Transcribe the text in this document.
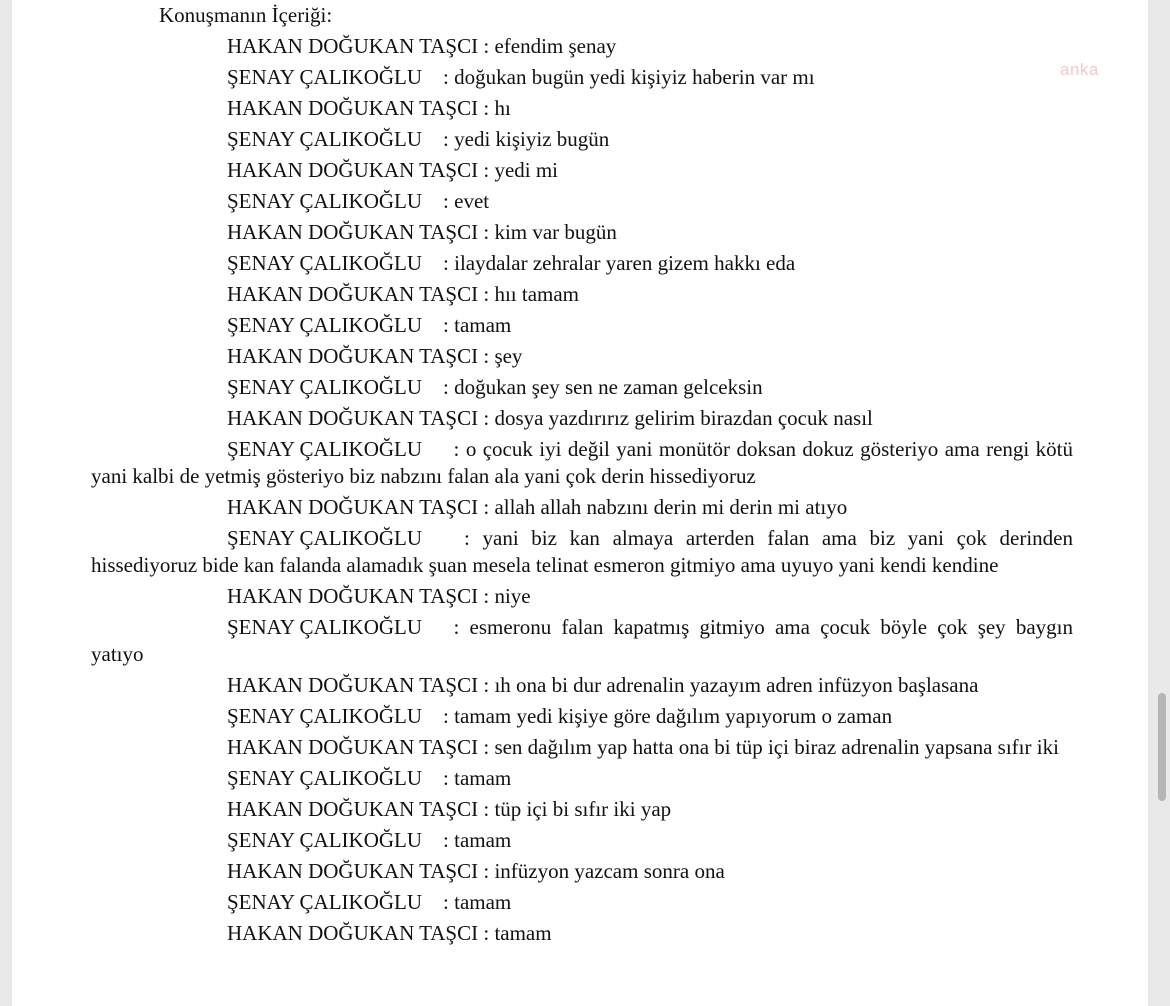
anka

Konuşmanın İçeriği:

HAKAN DOĞUKAN TAŞCI : efendim şenay

ŞENAY ÇALIKOĞLU    : doğukan bugün yedi kişiyiz haberin var mı

HAKAN DOĞUKAN TAŞCI : hı

ŞENAY ÇALIKOĞLU    : yedi kişiyiz bugün

HAKAN DOĞUKAN TAŞCI : yedi mi

ŞENAY ÇALIKOĞLU    : evet

HAKAN DOĞUKAN TAŞCI : kim var bugün

ŞENAY ÇALIKOĞLU    : ilaydalar zehralar yaren gizem hakkı eda

HAKAN DOĞUKAN TAŞCI : hıı tamam

ŞENAY ÇALIKOĞLU    : tamam

HAKAN DOĞUKAN TAŞCI : şey

ŞENAY ÇALIKOĞLU    : doğukan şey sen ne zaman gelceksin

HAKAN DOĞUKAN TAŞCI : dosya yazdırırız gelirim birazdan çocuk nasıl

ŞENAY ÇALIKOĞLU      : o çocuk iyi değil yani monütör doksan dokuz gösteriyo ama rengi kötü yani kalbi de yetmiş gösteriyo biz nabzını falan ala yani çok derin hissediyoruz

HAKAN DOĞUKAN TAŞCI : allah allah nabzını derin mi derin mi atıyo

ŞENAY ÇALIKOĞLU        : yani biz kan almaya arterden falan ama biz yani çok derinden hissediyoruz bide kan falanda alamadık şuan mesela telinat esmeron gitmiyo ama uyuyo yani kendi kendine

HAKAN DOĞUKAN TAŞCI : niye

ŞENAY ÇALIKOĞLU      : esmeronu falan kapatmış gitmiyo ama çocuk böyle çok şey baygın yatıyo

HAKAN DOĞUKAN TAŞCI : ıh ona bi dur adrenalin yazayım adren infüzyon başlasana

ŞENAY ÇALIKOĞLU    : tamam yedi kişiye göre dağılım yapıyorum o zaman

HAKAN DOĞUKAN TAŞCI : sen dağılım yap hatta ona bi tüp içi biraz adrenalin yapsana sıfır iki

ŞENAY ÇALIKOĞLU    : tamam

HAKAN DOĞUKAN TAŞCI : tüp içi bi sıfır iki yap

ŞENAY ÇALIKOĞLU    : tamam

HAKAN DOĞUKAN TAŞCI : infüzyon yazcam sonra ona

ŞENAY ÇALIKOĞLU    : tamam

HAKAN DOĞUKAN TAŞCI : tamam
